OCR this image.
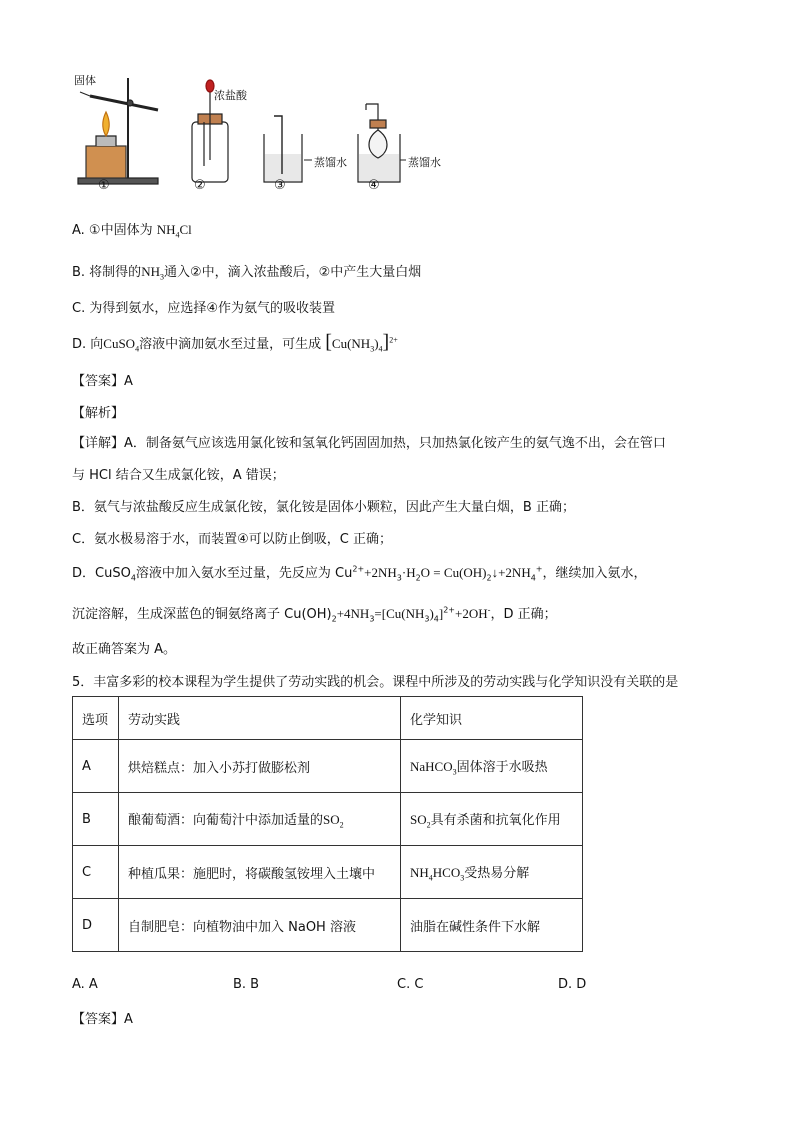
固体
浓盐酸
蒸馏水	蒸馏水
①	②	③	④
A. ①中固体为 $NH_4Cl$
B. 将制得的$NH_3$通入②中，滴入浓盐酸后，②中产生大量白烟
C. 为得到氨水，应选择④作为氨气的吸收装置
D. 向CuSO$_4$溶液中滴加氨水至过量，可生成 $[Cu(NH_3)_4]^{2+}$
【答案】A
【解析】
【详解】A．制备氨气应该选用氯化铵和氢氧化钙固固加热，只加热氯化铵产生的氨气逸不出，会在管口
与 HCl 结合又生成氯化铵，A 错误；
B．氨气与浓盐酸反应生成氯化铵，氯化铵是固体小颗粒，因此产生大量白烟，B 正确；
C．氨水极易溶于水，而装置④可以防止倒吸，C 正确；
D．CuSO$_4$溶液中加入氨水至过量，先反应为 $Cu^{2+}+2NH_3\cdot H_2O$ = $Cu(OH)_2↓+2NH_4^+$，继续加入氨水，
沉淀溶解，生成深蓝色的铜氨络离子 $Cu(OH)_2+4NH_3=[Cu(NH_3)_4]^{2+}+2OH^-$，D 正确；
故正确答案为 A。
5．丰富多彩的校本课程为学生提供了劳动实践的机会。课程中所涉及的劳动实践与化学知识没有关联的是
选项	劳动实践	化学知识
A	烘焙糕点：加入小苏打做膨松剂	NaHCO$_3$固体溶于水吸热
B	酿葡萄酒：向葡萄汁中添加适量的$SO_2$	$SO_2$具有杀菌和抗氧化作用
C	种植瓜果：施肥时，将碳酸氢铵埋入土壤中	$NH_4HCO_3$受热易分解
D	自制肥皂：向植物油中加入 NaOH 溶液	油脂在碱性条件下水解
A. A	B. B	C. C	D. D
【答案】A
